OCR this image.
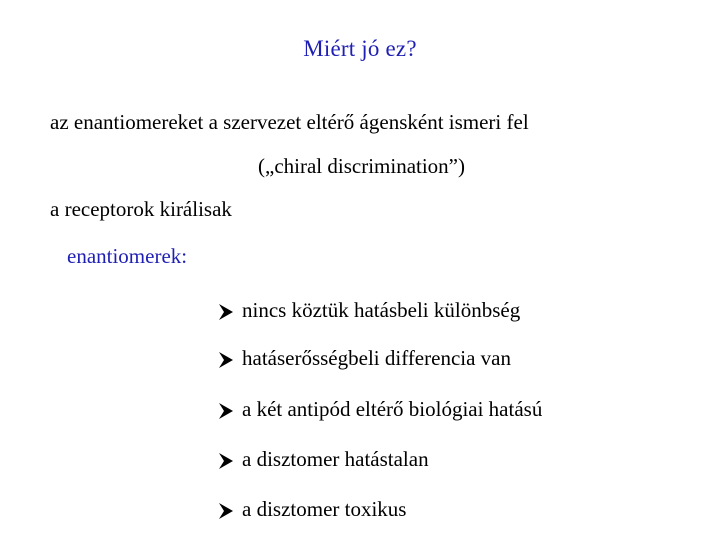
Miért jó ez?
az enantiomereket a szervezet eltérő ágensként ismeri fel
(„chiral discrimination”)
a receptorok királisak
enantiomerek:
nincs köztük hatásbeli különbség
hatáserősségbeli differencia van
a két antipód eltérő biológiai hatású
a disztomer hatástalan
a disztomer toxikus
